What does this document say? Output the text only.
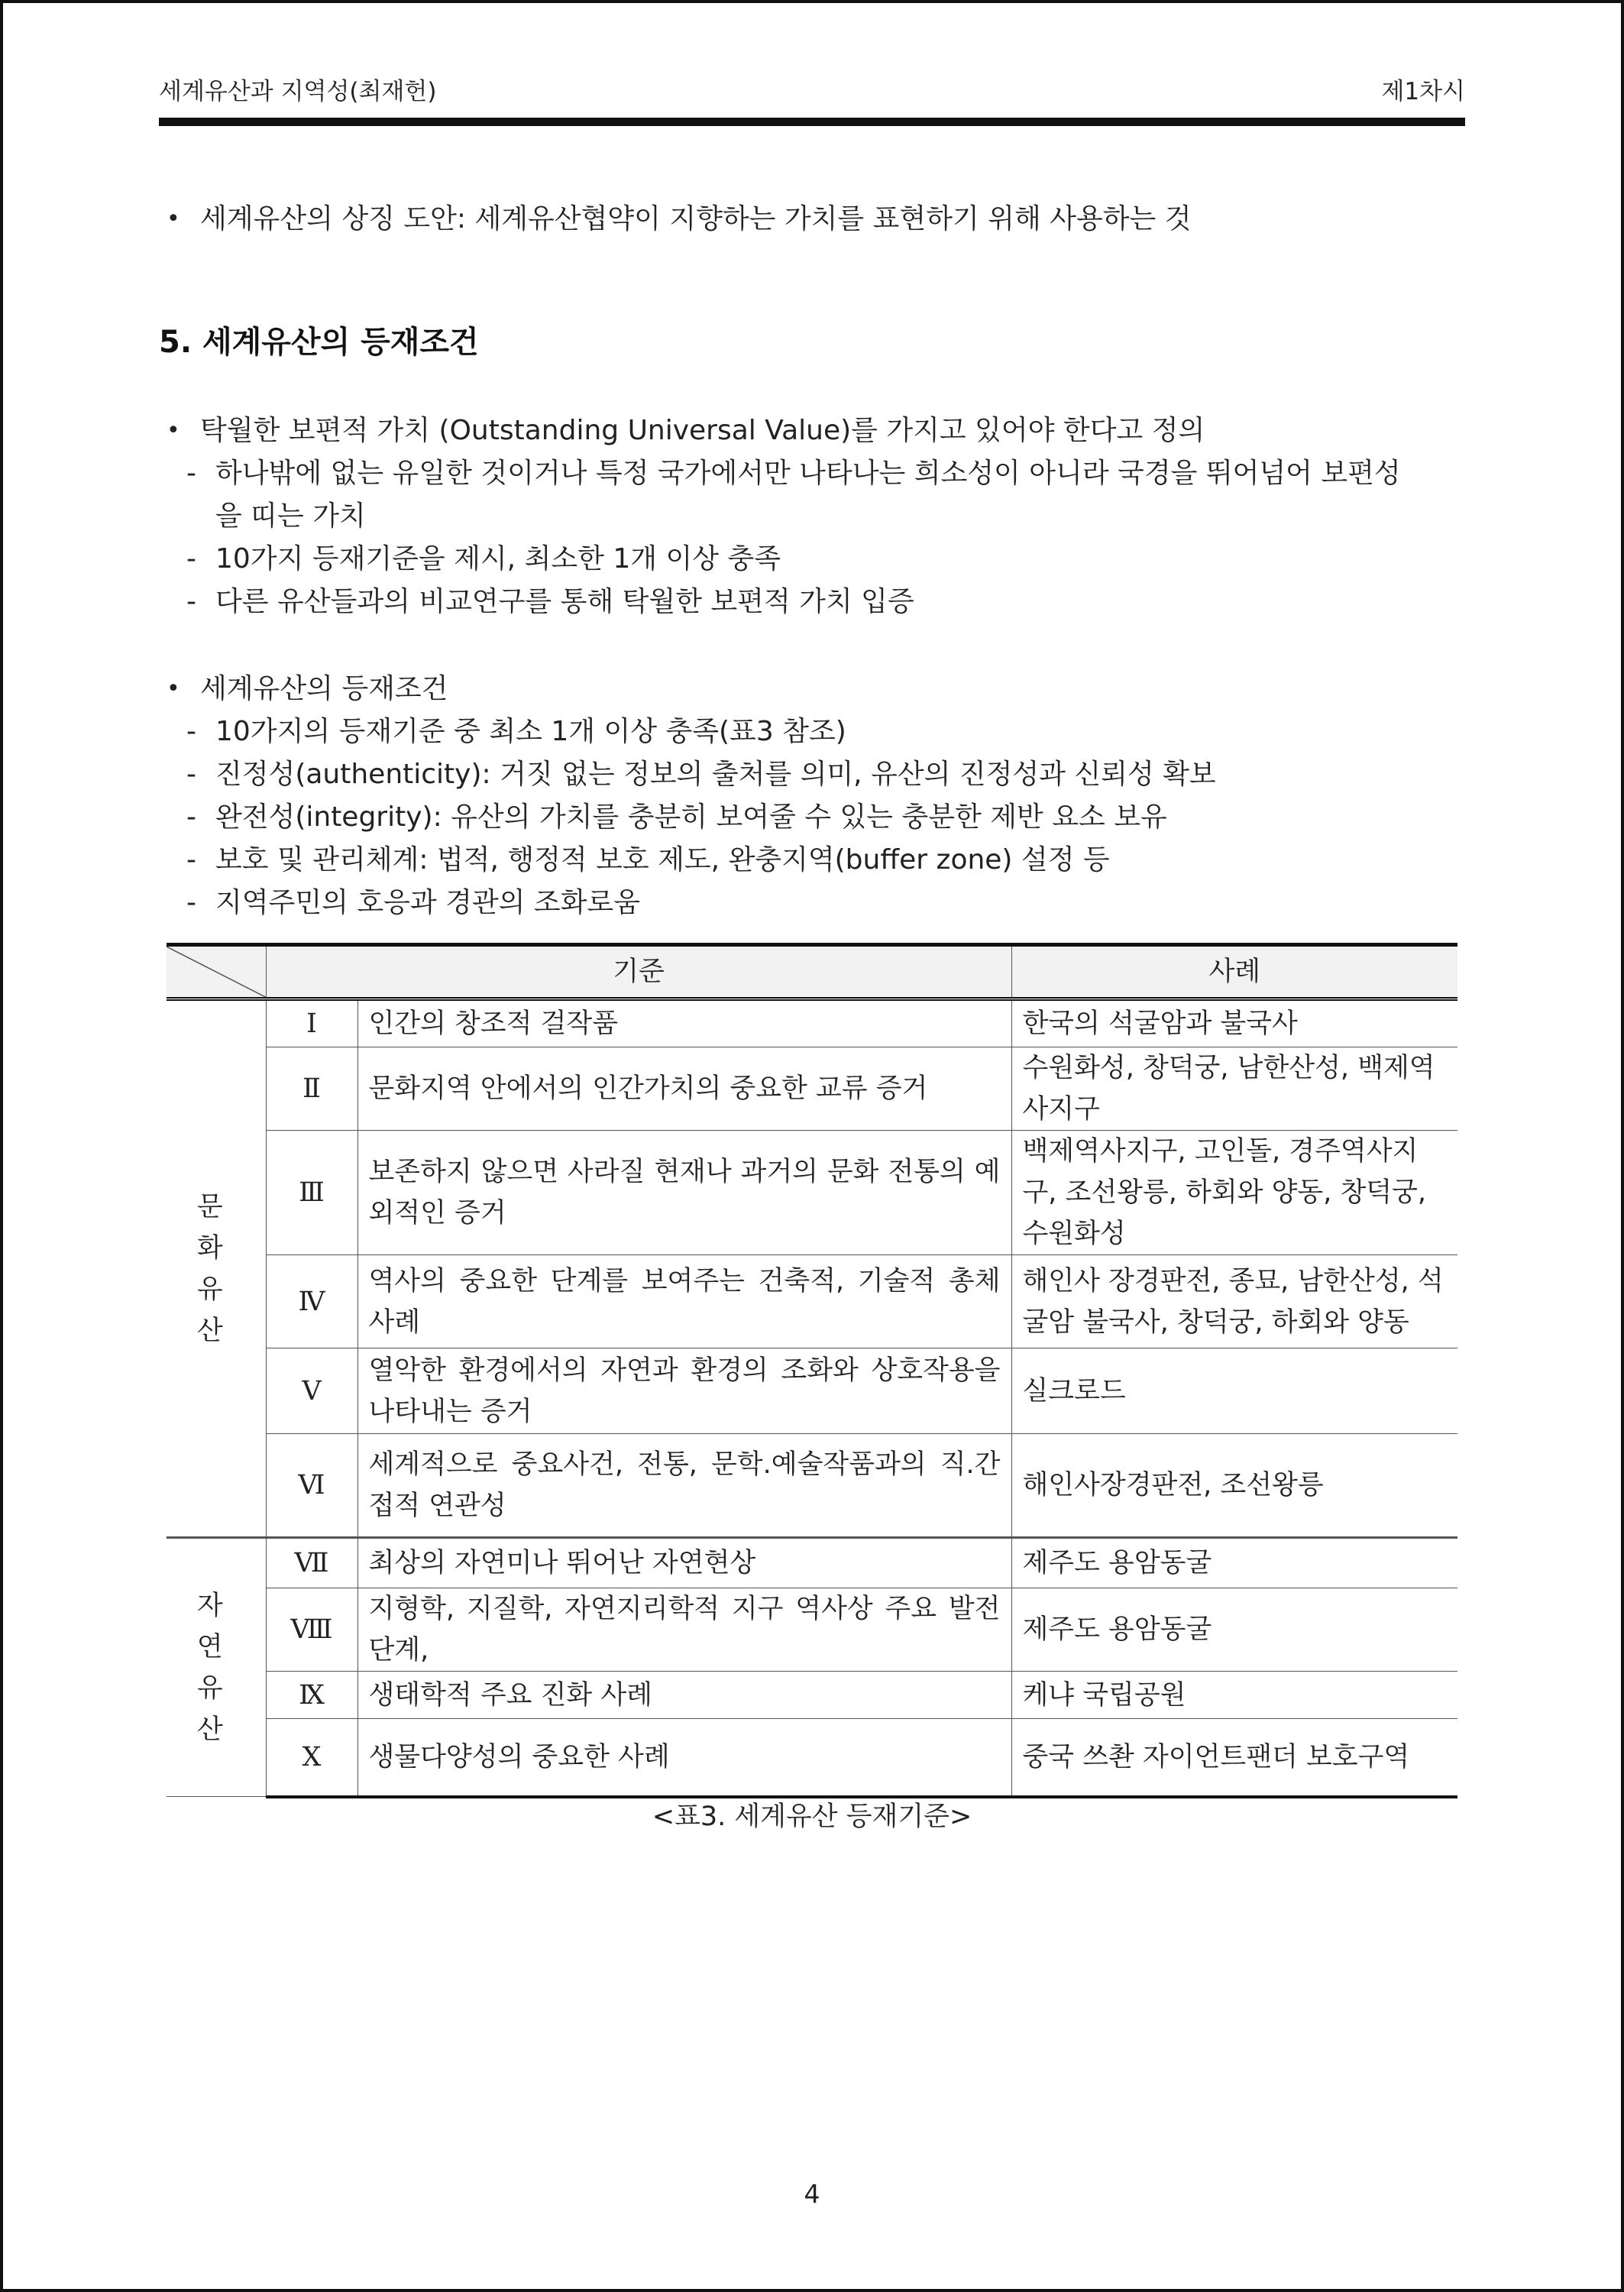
세계유산과 지역성(최재헌)	제1차시
• 세계유산의 상징 도안: 세계유산협약이 지향하는 가치를 표현하기 위해 사용하는 것
5. 세계유산의 등재조건
• 탁월한 보편적 가치 (Outstanding Universal Value)를 가지고 있어야 한다고 정의
- 하나밖에 없는 유일한 것이거나 특정 국가에서만 나타나는 희소성이 아니라 국경을 뛰어넘어 보편성
을 띠는 가치
- 10가지 등재기준을 제시, 최소한 1개 이상 충족
- 다른 유산들과의 비교연구를 통해 탁월한 보편적 가치 입증
• 세계유산의 등재조건
- 10가지의 등재기준 중 최소 1개 이상 충족(표3 참조)
- 진정성(authenticity): 거짓 없는 정보의 출처를 의미, 유산의 진정성과 신뢰성 확보
- 완전성(integrity): 유산의 가치를 충분히 보여줄 수 있는 충분한 제반 요소 보유
- 보호 및 관리체계: 법적, 행정적 보호 제도, 완충지역(buffer zone) 설정 등
- 지역주민의 호응과 경관의 조화로움
	기준		사례
문 화
유 산	Ⅰ	인간의 창조적 걸작품	한국의 석굴암과 불국사
	Ⅱ	문화지역 안에서의 인간가치의 중요한 교류 증거	수원화성, 창덕궁, 남한산성, 백제역사지구
	Ⅲ	보존하지 않으면 사라질 현재나 과거의 문화 전통의 예외적인 증거	백제역사지구, 고인돌, 경주역사지구, 조선왕릉, 하회와 양동, 창덕궁, 수원화성
	Ⅳ	역사의 중요한 단계를 보여주는 건축적, 기술적 총체 사례	해인사 장경판전, 종묘, 남한산성, 석굴암 불국사, 창덕궁, 하회와 양동
	Ⅴ	열악한 환경에서의 자연과 환경의 조화와 상호작용을 나타내는 증거	실크로드
	Ⅵ	세계적으로 중요사건, 전통, 문학.예술작품과의 직.간접적 연관성	해인사장경판전, 조선왕릉
자 연
유 산	Ⅶ	최상의 자연미나 뛰어난 자연현상	제주도 용암동굴
	Ⅷ	지형학, 지질학, 자연지리학적 지구 역사상 주요 발전 단계,	제주도 용암동굴
	Ⅸ	생태학적 주요 진화 사례	케냐 국립공원
	Ⅹ	생물다양성의 중요한 사례	중국 쓰촨 자이언트팬더 보호구역
<표3. 세계유산 등재기준>
4
